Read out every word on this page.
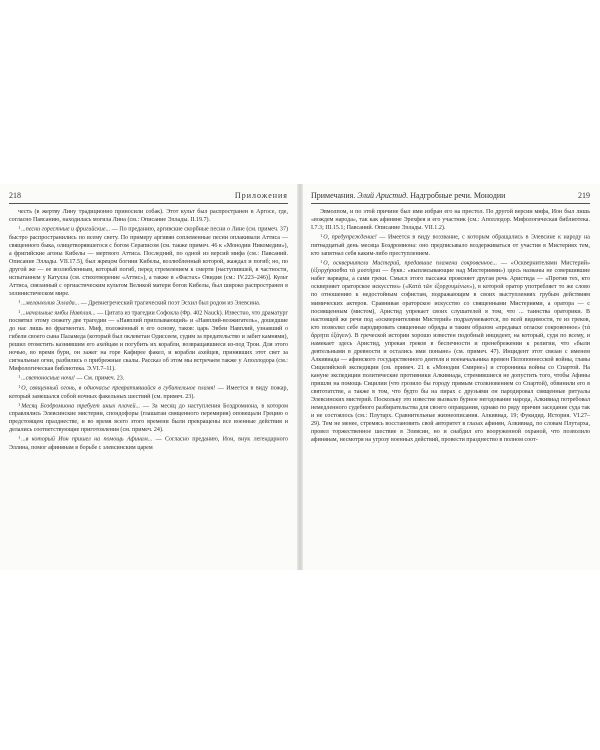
218	Приложения	Примечания. Элий Аристид. Надгробные речи. Монодии	219

честь (в жертву Лину традиционно приносили собак). Этот культ был распространен в Аргосе, где, согласно Павсанию, находилась могила Лина (см.: Описание Эллады. II.19.7).

$^1$...песни горестные и фригийские... — По преданию, аргивские скорбные песни о Лине (см. примеч. 37) быстро распространились по всему свету. По примеру аргивян соплеменные песни оплакивали Аттиса — священного быка, олицетворявшегося с богом Сераписом (см. также примеч. 46 к «Монодии Никомедии»), а фригийские агоны Кибелы — мертвого Аттиса. Последний, по одной из версий мифа (см.: Павсаний. Описание Эллады. VII.17.5), был жрецом богини Кибелы, возлюбленный которой, жаждал и погиб; но, по другой же — ее возлюбленным, который погиб, перед стремлением к смерти (наступившей, в частности, испытаннем у Катулла (см. стихотворение «Аттис»), а также в «Фастах» Овидия (см.: IV.223–246)]. Культ Аттиса, связанный с оргиастическим культом Великой матери богов Кибелы, был широко распространен в эллинистическом мире.

$^1$...меланхолия Эллада... — Древнегреческий трагический поэт Эсхил был родом из Элевсина.

$^1$...начальные ямбы Навплия... — Цитата из трагедии Софокла (Фр. 402 Nauck). Известно, что драматург посвятил этому сюжету две трагедии — «Навплий приплывающий» и «Навплий-возжигатель», дошедшие до нас лишь во фрагментах. Миф, положенный в его основу, таков: царь Эвбеи Навплий, узнавший о гибели своего сына Паламеда (который был оклеветан Одиссеем, судим за предательство и забит камнями), решил отомстить казнившим его ахейцам и погубить их корабли, возвращавшиеся из-под Трои. Для этого ночью, во время бури, он зажег на горе Кафирее факел, и корабли ахейцев, принявших этот свет за сигнальные огни, разбились о прибрежные скалы. Рассказ об этом мы встречаем также у Аполлодора (см.: Мифологическая библиотека. Э.VI.7–11).

$^1$...светоносные ночи! — См. примеч. 23.

$^1$О, священный огонь, в одночасье превратившийся в губительное пламя! — Имеется в виду пожар, который замешался собой ночных факельных шествий (см. примеч. 23).

$^1$Месяц Боэдромиона требует иных плачей... — За месяц до наступления Боэдромиона, в котором справлялись Элевсинские мистерии, спондофоры (глашатаи священного перемирия) оповещали Грецию о предстоящем празднестве, и во время всего этого времени были прекращены все военные действия и делались соответствующие приготовления (см. примеч. 24).

$^1$...в который Ион пришел на помощь Афинам... — Согласно преданию, Ион, внук легендарного Эллина, помог афинянам в борьбе с элевсинским царем

Эвмолпом, и по этой причине был ими избран его на престол. По другой версии мифа, Ион был лишь «вождем народа», так как афиняне Эрехфея и его участник (см.: Аполлодор. Мифологическая библиотека. I.7.3; III.15.1; Павсаний. Описание Эллады. VII.1.2).

$^1$О, предупреждение! — Имеется в виду воззвание, с которым обращались в Элевсине к народу на пятнадцатый день месяца Боэдромиона: оно предписывало воздерживаться от участия в Мистериях тем, кто запятнал себя каким-либо преступлением.

$^1$О, осквернители Мистерий, предавшие пламени сокровенное... — «Осквернителями Мистерий» (ἐξορχήσασθαι τὰ μυστήρια — букв.: «выплясывающие над Мистериями») здесь названы не совершившие набег варвары, а сами греки. Смысл этого пассажа проясняет другая речь Аристида — «Против тех, кто оскверняет ораторское искусство» («Κατὰ τῶν ἐξορχουμένων»), в которой оратор употребляет то же слово по отношению к недостойным софистам, подражающим в своих выступлениях грубым действиям мимических актеров. Сравнивая ораторское искусство со священными Мистериями, а оратора — с посвященным (мистом), Аристид упрекает своих слушателей в том, что ... таинства ораторики. В настоящей же речи под «осквернителями Мистерий» подразумеваются, по всей видимости, те из греков, кто позволял себе пародировать священные обряды и таким образом «предавал огласке сокровенное» (τὰ ἄρρητα ἐξάγειν). В греческой истории хорошо известен подобный инцидент, на который, судя по всему, и намекает здесь Аристид, упрекая греков в беспечности и пренебрежении к религии, что «были деятельными в древности и остались ими поныне» (см. примеч. 47). Инцидент этот связан с именем Алкивиада — афинского государственного деятеля и военачальника времен Пелопоннесской войны, главы Сицилийской экспедиции (см. примеч. 21 к «Монодии Смирне») и сторонника войны со Спартой. На кануне экспедиции политические противники Алкивиада, стремившиеся не допустить того, чтобы Афины пришли на помощь Сицилии (что грозило бы городу прямым столкновением со Спартой), обвинили его в святотатстве, а также в том, что будто бы на пирах с друзьями он пародировал священные ритуалы Элевсинских мистерий. Поскольку это известие вызвало бурное негодование народа, Алкивиад потребовал немедленного судебного разбирательства для своего оправдания, однако по ряду причин заседание суда так и не состоялось (см.: Плутарх. Сравнительные жизнеописания. Алкивиад. 19; Фукидид. История. VI.27–29). Тем не менее, стремясь восстановить свой авторитет в глазах афинян, Алкивиад, по словам Плутарха, провел торжественное шествие в Элевсин, но и снабдил его вооруженной охраной, что позволило афинянам, несмотря на угрозу военных действий, провести празднество в полном соот-
